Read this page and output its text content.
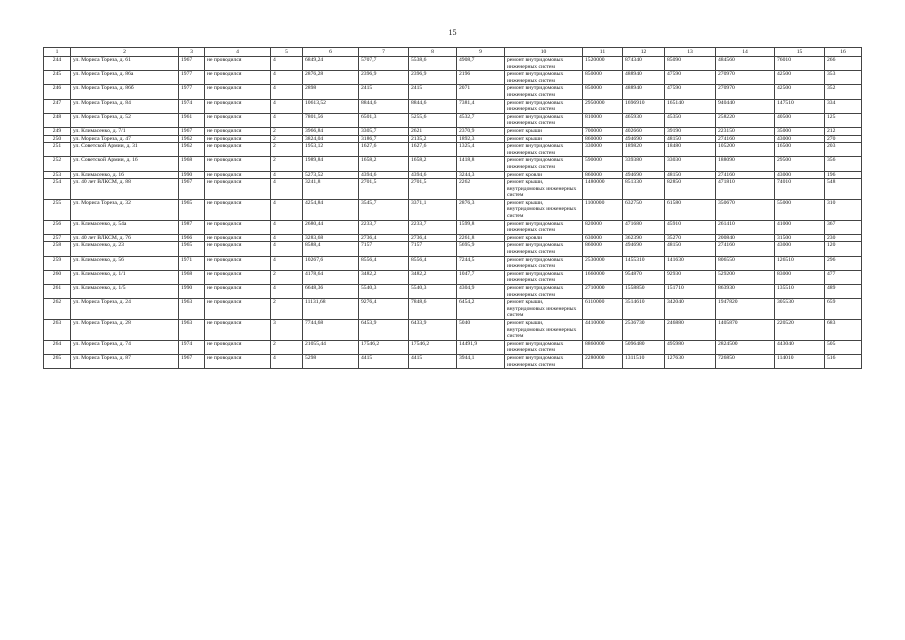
15
1	2	3	4	5	6	7	8	9	10	11	12	13	14	15	16
244	ул. Мориса Тореза, д. 61	1967	не проводился	4	6849,24	5707,7	5538,6	4908,7	ремонт внутридомовых инженерных систем	1520000	874340	85090	484560	76010	266
245	ул. Мориса Тореза, д. 86а	1977	не проводился	4	2876,28	2396,9	2396,9	2196	ремонт внутридомовых инженерных систем	850000	488940	47590	270970	42500	353
246	ул. Мориса Тореза, д. 86б	1977	не проводился	4	2898	2415	2415	2071	ремонт внутридомовых инженерных систем	850000	488940	47590	270970	42500	352
247	ул. Мориса Тореза, д. 84	1974	не проводился	4	10613,52	8844,6	8844,6	7381,4	ремонт внутридомовых инженерных систем	2950000	1696910	165140	940440	147510	334
248	ул. Мориса Тореза, д. 52	1961	не проводился	4	7801,56	6501,3	5255,6	4532,7	ремонт внутридомовых инженерных систем	810000	465930	45350	258220	40500	125
249	ул. Климасенко, д. 7/1	1967	не проводился	2	3966,84	3305,7	2621	2370,9	ремонт крыши	700000	402660	39190	223150	35000	212
250	ул. Мориса Тореза, д. 47	1962	не проводился	2	3824,04	3186,7	2135,2	1892,3	ремонт крыши	860000	494690	48150	274160	43000	270
251	ул. Советской Армии, д. 31	1962	не проводился	2	1953,12	1627,6	1627,6	1325,4	ремонт внутридомовых инженерных систем	330000	189820	18480	105200	16500	203
252	ул. Советской Армии, д. 16	1968	не проводился	2	1989,84	1658,2	1658,2	1418,8	ремонт внутридомовых инженерных систем	590000	339380	33030	188090	29500	356
253	ул. Климасенко, д. 16	1990	не проводился	4	5273,52	4394,6	4394,6	3244,3	ремонт кровли	860000	494690	48150	274160	43000	196
254	ул. 40 лет ВЛКСМ, д. 88	1967	не проводился	4	3241,8	2701,5	2701,5	2262	ремонт крыши, внутридомовых инженерных систем	1480000	851330	82850	471810	74010	548
255	ул. Мориса Тореза, д. 32	1965	не проводился	4	4254,84	3545,7	3371,1	2876,3	ремонт крыши, внутридомовых инженерных систем	1100000	632750	61580	350670	55000	310
256	ул. Климасенко, д. 54а	1987	не проводился	4	2680,44	2233,7	2233,7	1599,8	ремонт внутридомовых инженерных систем	820000	471680	45910	261410	41000	367
257	ул. 40 лет ВЛКСМ, д. 76	1966	не проводился	4	3283,68	2736,4	2736,4	2261,8	ремонт кровли	630000	362390	35270	200840	31500	230
258	ул. Климасенко, д. 23	1965	не проводился	4	8588,4	7157	7157	5695,9	ремонт внутридомовых инженерных систем	860000	494690	48150	274160	43000	120
259	ул. Климасенко, д. 56	1971	не проводился	4	10267,6	8556,4	8556,4	7244,5	ремонт внутридомовых инженерных систем	2530000	1455310	141630	806550	126510	296
260	ул. Климасенко, д. 1/1	1968	не проводился	2	4178,64	3482,2	3482,2	1047,7	ремонт внутридомовых инженерных систем	1660000	954870	92930	529200	83000	477
261	ул. Климасенко, д. 1/5	1990	не проводился	4	6648,36	5540,3	5540,3	4304,9	ремонт внутридомовых инженерных систем	2710000	1558850	151710	863930	135510	489
262	ул. Мориса Тореза, д. 24	1963	не проводился	2	11131,68	9276,4	7848,6	6454,2	ремонт крыши, внутридомовых инженерных систем	6110000	3514610	342040	1947820	305530	659
263	ул. Мориса Тореза, д. 28	1963	не проводился	3	7744,68	6453,9	6433,9	5040	ремонт крыши, внутридомовых инженерных систем	4410000	2536730	246880	1405870	220520	683
264	ул. Мориса Тореза, д. 74	1974	не проводился	2	21055,44	17546,2	17546,2	14491,9	ремонт внутридомовых инженерных систем	8860000	5096480	495980	2824500	443040	505
265	ул. Мориса Тореза, д. 87	1967	не проводился	4	5298	4415	4415	3944,1	ремонт внутридомовых инженерных систем	2280000	1311510	127630	726850	114010	516
